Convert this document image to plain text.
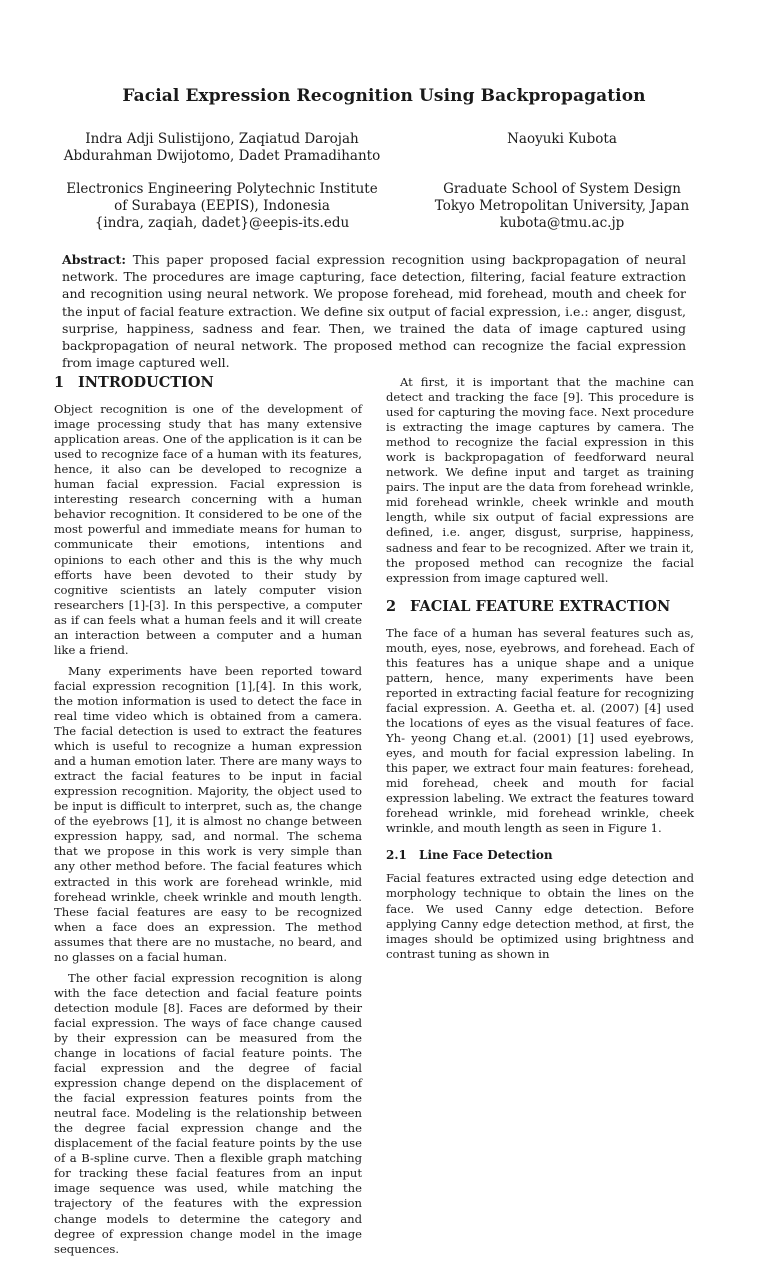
Facial Expression Recognition Using Backpropagation
Indra Adji Sulistijono, Zaqiatud Darojah
Abdurahman Dwijotomo, Dadet Pramadihanto
Electronics Engineering Polytechnic Institute
of Surabaya (EEPIS), Indonesia
{indra, zaqiah, dadet}@eepis-its.edu
Naoyuki Kubota

Graduate School of System Design
Tokyo Metropolitan University, Japan
kubota@tmu.ac.jp
Abstract: This paper proposed facial expression recognition using backpropagation of neural network. The procedures are image capturing, face detection, filtering, facial feature extraction and recognition using neural network. We propose forehead, mid forehead, mouth and cheek for the input of facial feature extraction. We define six output of facial expression, i.e.: anger, disgust, surprise, happiness, sadness and fear. Then, we trained the data of image captured using backpropagation of neural network. The proposed method can recognize the facial expression from image captured well.
1 INTRODUCTION

Object recognition is one of the development of image processing study that has many extensive application areas. One of the application is it can be used to recognize face of a human with its features, hence, it also can be developed to recognize a human facial expression. Facial expression is interesting research concerning with a human behavior recognition. It considered to be one of the most powerful and immediate means for human to communicate their emotions, intentions and opinions to each other and this is the why much efforts have been devoted to their study by cognitive scientists an lately computer vision researchers [1]-[3]. In this perspective, a computer as if can feels what a human feels and it will create an interaction between a computer and a human like a friend.

Many experiments have been reported toward facial expression recognition [1],[4]. In this work, the motion information is used to detect the face in real time video which is obtained from a camera. The facial detection is used to extract the features which is useful to recognize a human expression and a human emotion later. There are many ways to extract the facial features to be input in facial expression recognition. Majority, the object used to be input is difficult to interpret, such as, the change of the eyebrows [1], it is almost no change between expression happy, sad, and normal. The schema that we propose in this work is very simple than any other method before. The facial features which extracted in this work are forehead wrinkle, mid forehead wrinkle, cheek wrinkle and mouth length. These facial features are easy to be recognized when a face does an expression. The method assumes that there are no mustache, no beard, and no glasses on a facial human.

The other facial expression recognition is along with the face detection and facial feature points detection module [8]. Faces are deformed by their facial expression. The ways of face change caused by their expression can be measured from the change in locations of facial feature points. The facial expression and the degree of facial expression change depend on the displacement of the facial expression features points from the neutral face. Modeling is the relationship between the degree facial expression change and the displacement of the facial feature points by the use of a B-spline curve. Then a flexible graph matching for tracking these facial features from an input image sequence was used, while matching the trajectory of the features with the expression change models to determine the category and degree of expression change model in the image sequences.

At first, it is important that the machine can detect and tracking the face [9]. This procedure is used for capturing the moving face. Next procedure is extracting the image captures by camera. The method to recognize the facial expression in this work is backpropagation of feedforward neural network. We define input and target as training pairs. The input are the data from forehead wrinkle, mid forehead wrinkle, cheek wrinkle and mouth length, while six output of facial expressions are defined, i.e. anger, disgust, surprise, happiness, sadness and fear to be recognized. After we train it, the proposed method can recognize the facial expression from image captured well.

2 FACIAL FEATURE EXTRACTION

The face of a human has several features such as, mouth, eyes, nose, eyebrows, and forehead. Each of this features has a unique shape and a unique pattern, hence, many experiments have been reported in extracting facial feature for recognizing facial expression. A. Geetha et. al. (2007) [4] used the locations of eyes as the visual features of face. Yh- yeong Chang et.al. (2001) [1] used eyebrows, eyes, and mouth for facial expression labeling. In this paper, we extract four main features: forehead, mid forehead, cheek and mouth for facial expression labeling. We extract the features toward forehead wrinkle, mid forehead wrinkle, cheek wrinkle, and mouth length as seen in Figure 1.

2.1 Line Face Detection

Facial features extracted using edge detection and morphology technique to obtain the lines on the face. We used Canny edge detection. Before applying Canny edge detection method, at first, the images should be optimized using brightness and contrast tuning as shown in
